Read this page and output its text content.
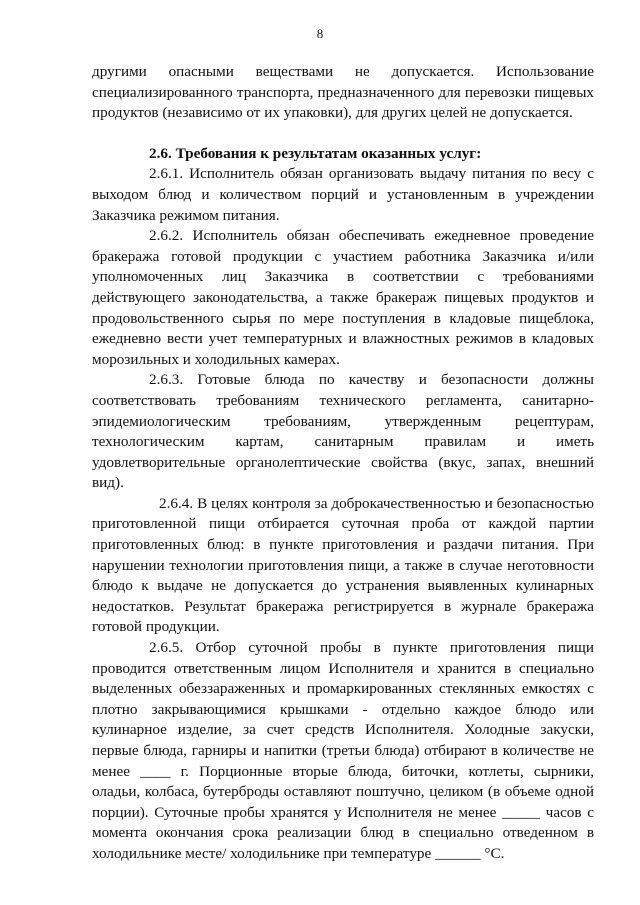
8

другими опасными веществами не допускается. Использование специализированного транспорта, предназначенного для перевозки пищевых продуктов (независимо от их упаковки), для других целей не допускается.

2.6. Требования к результатам оказанных услуг:

2.6.1. Исполнитель обязан организовать выдачу питания по весу с выходом блюд и количеством порций и установленным в учреждении Заказчика режимом питания.

2.6.2. Исполнитель обязан обеспечивать ежедневное проведение бракеража готовой продукции с участием работника Заказчика и/или уполномоченных лиц Заказчика в соответствии с требованиями действующего законодательства, а также бракераж пищевых продуктов и продовольственного сырья по мере поступления в кладовые пищеблока, ежедневно вести учет температурных и влажностных режимов в кладовых морозильных и холодильных камерах.

2.6.3. Готовые блюда по качеству и безопасности должны соответствовать требованиям технического регламента, санитарно-эпидемиологическим требованиям, утвержденным рецептурам, технологическим картам, санитарным правилам и иметь удовлетворительные органолептические свойства (вкус, запах, внешний вид).

2.6.4. В целях контроля за доброкачественностью и безопасностью приготовленной пищи отбирается суточная проба от каждой партии приготовленных блюд: в пункте приготовления и раздачи питания. При нарушении технологии приготовления пищи, а также в случае неготовности блюдо к выдаче не допускается до устранения выявленных кулинарных недостатков. Результат бракеража регистрируется в журнале бракеража готовой продукции.

2.6.5. Отбор суточной пробы в пункте приготовления пищи проводится ответственным лицом Исполнителя и хранится в специально выделенных обеззараженных и промаркированных стеклянных емкостях с плотно закрывающимися крышками - отдельно каждое блюдо или кулинарное изделие, за счет средств Исполнителя. Холодные закуски, первые блюда, гарниры и напитки (третьи блюда) отбирают в количестве не менее ____ г. Порционные вторые блюда, биточки, котлеты, сырники, оладьи, колбаса, бутерброды оставляют поштучно, целиком (в объеме одной порции). Суточные пробы хранятся у Исполнителя не менее _____ часов с момента окончания срока реализации блюд в специально отведенном в холодильнике месте/ холодильнике при температуре ______ °С.
